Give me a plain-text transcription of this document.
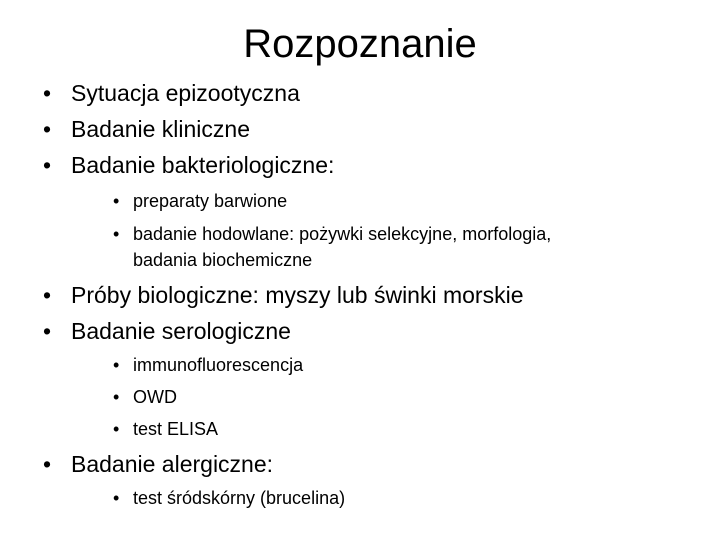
Rozpoznanie
• Sytuacja epizootyczna
• Badanie kliniczne
• Badanie bakteriologiczne:
• preparaty barwione
• badanie hodowlane: pożywki selekcyjne, morfologia,
badania biochemiczne
• Próby biologiczne: myszy lub świnki morskie
• Badanie serologiczne
• immunofluorescencja
• OWD
• test ELISA
• Badanie alergiczne:
• test śródskórny (brucelina)
